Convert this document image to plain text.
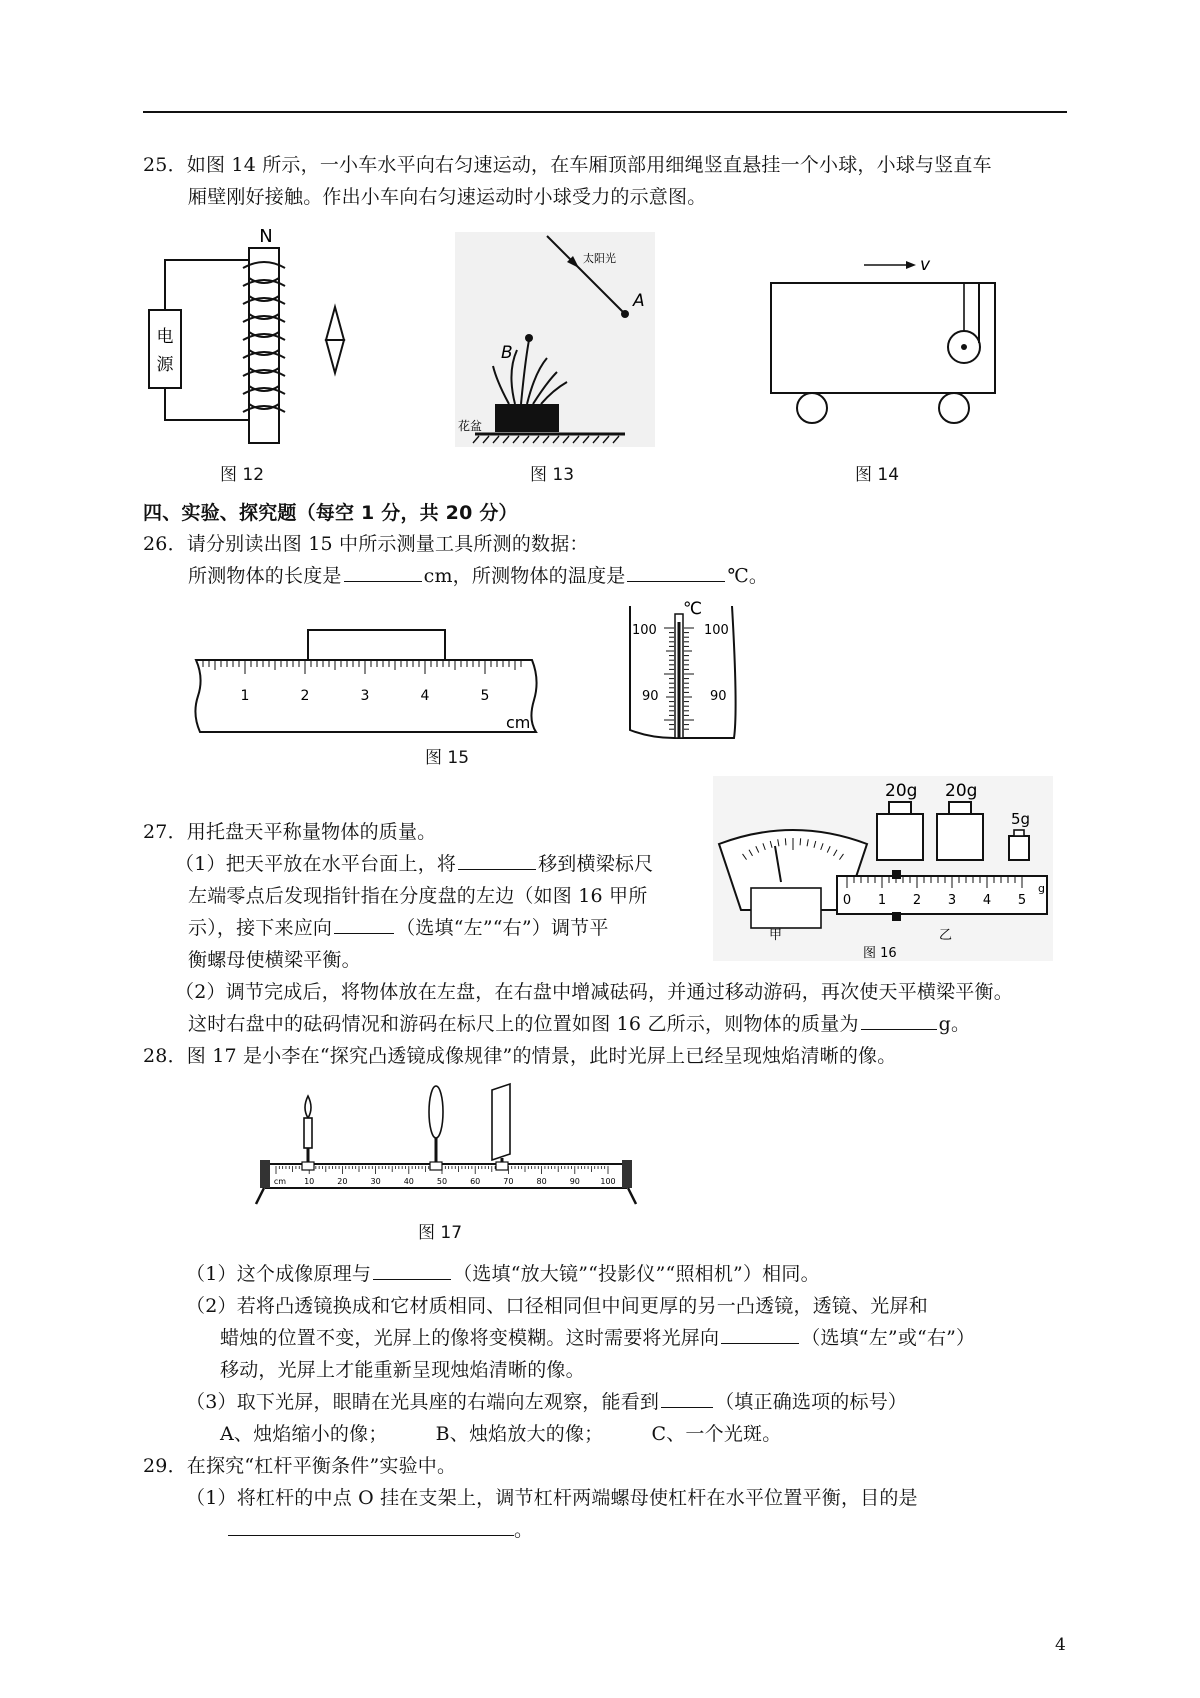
25．如图 14 所示，一小车水平向右匀速运动，在车厢顶部用细绳竖直悬挂一个小球，小球与竖直车
厢壁刚好接触。作出小车向右匀速运动时小球受力的示意图。
N
电
源
图 12
太阳光
A
B
花盆
图 13
v
图 14
四、实验、探究题（每空 1 分，共 20 分）
26．请分别读出图 15 中所示测量工具所测的数据：
所测物体的长度是	cm，所测物体的温度是	℃。
1	2	3	4	5
cm
℃
100	100
90	90
图 15
甲
20g 20g
5g
0 1 2 3 4 5
g
乙
图 16
27．用托盘天平称量物体的质量。
（1）把天平放在水平台面上，将	移到横梁标尺
左端零点后发现指针指在分度盘的左边（如图 16 甲所
示），接下来应向	（选填“左”“右”）调节平
衡螺母使横梁平衡。
（2）调节完成后，将物体放在左盘，在右盘中增减砝码，并通过移动游码，再次使天平横梁平衡。
这时右盘中的砝码情况和游码在标尺上的位置如图 16 乙所示，则物体的质量为	g。
28．图 17 是小李在“探究凸透镜成像规律”的情景，此时光屏上已经呈现烛焰清晰的像。
cm 10	20	30	40	50	60	70	80	90	100
图 17
（1）这个成像原理与	（选填“放大镜”“投影仪”“照相机”）相同。
（2）若将凸透镜换成和它材质相同、口径相同但中间更厚的另一凸透镜，透镜、光屏和
蜡烛的位置不变，光屏上的像将变模糊。这时需要将光屏向	（选填“左”或“右”）
移动，光屏上才能重新呈现烛焰清晰的像。
（3）取下光屏，眼睛在光具座的右端向左观察，能看到	（填正确选项的标号）
A、烛焰缩小的像；　　　B、烛焰放大的像；　　　C、一个光斑。
29．在探究“杠杆平衡条件”实验中。
（1）将杠杆的中点 O 挂在支架上，调节杠杆两端螺母使杠杆在水平位置平衡，目的是
。
4
